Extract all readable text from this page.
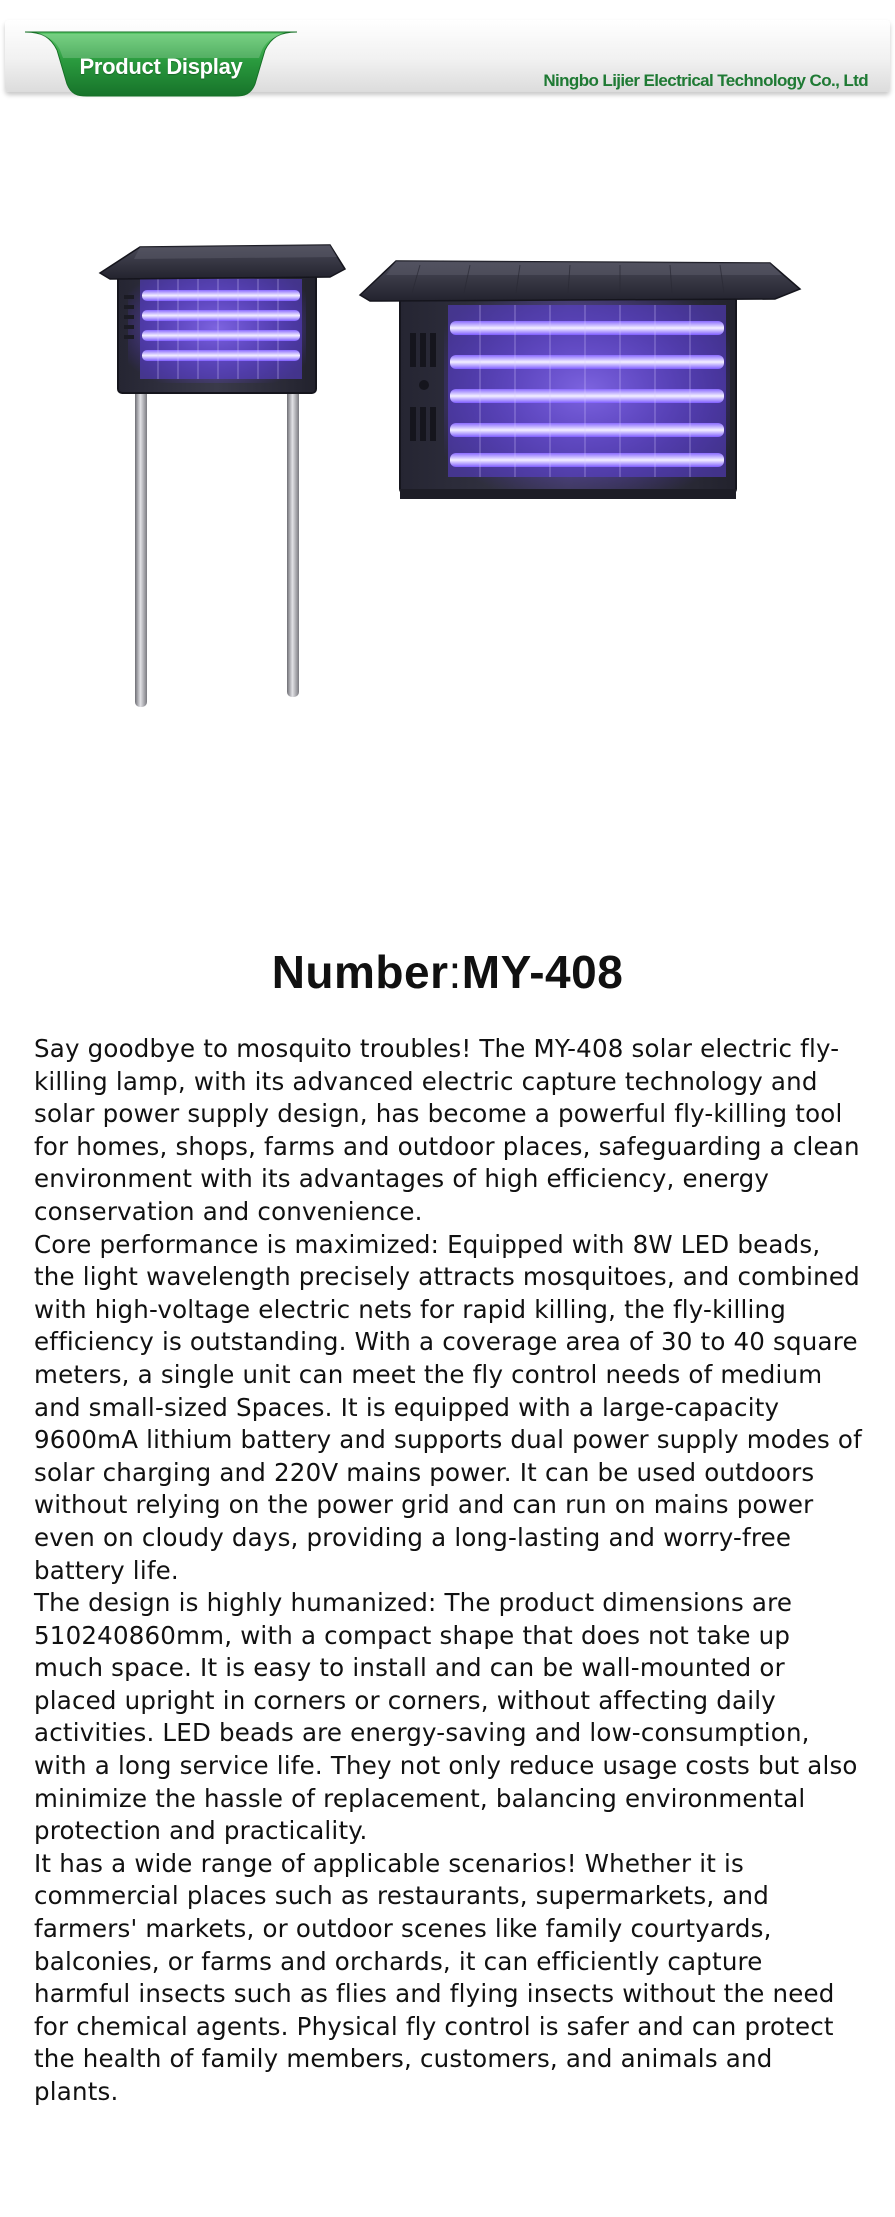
Product Display
Ningbo Lijier Electrical Technology Co., Ltd
Number:MY-408

Say goodbye to mosquito troubles! The MY-408 solar electric fly-killing lamp, with its advanced electric capture technology and solar power supply design, has become a powerful fly-killing tool for homes, shops, farms and outdoor places, safeguarding a clean environment with its advantages of high efficiency, energy conservation and convenience.

Core performance is maximized: Equipped with 8W LED beads, the light wavelength precisely attracts mosquitoes, and combined with high-voltage electric nets for rapid killing, the fly-killing efficiency is outstanding. With a coverage area of 30 to 40 square meters, a single unit can meet the fly control needs of medium and small-sized Spaces. It is equipped with a large-capacity 9600mA lithium battery and supports dual power supply modes of solar charging and 220V mains power. It can be used outdoors without relying on the power grid and can run on mains power even on cloudy days, providing a long-lasting and worry-free battery life.

The design is highly humanized: The product dimensions are 510240860mm, with a compact shape that does not take up much space. It is easy to install and can be wall-mounted or placed upright in corners or corners, without affecting daily activities. LED beads are energy-saving and low-consumption, with a long service life. They not only reduce usage costs but also minimize the hassle of replacement, balancing environmental protection and practicality.

It has a wide range of applicable scenarios! Whether it is commercial places such as restaurants, supermarkets, and farmers' markets, or outdoor scenes like family courtyards, balconies, or farms and orchards, it can efficiently capture harmful insects such as flies and flying insects without the need for chemical agents. Physical fly control is safer and can protect the health of family members, customers, and animals and plants.
